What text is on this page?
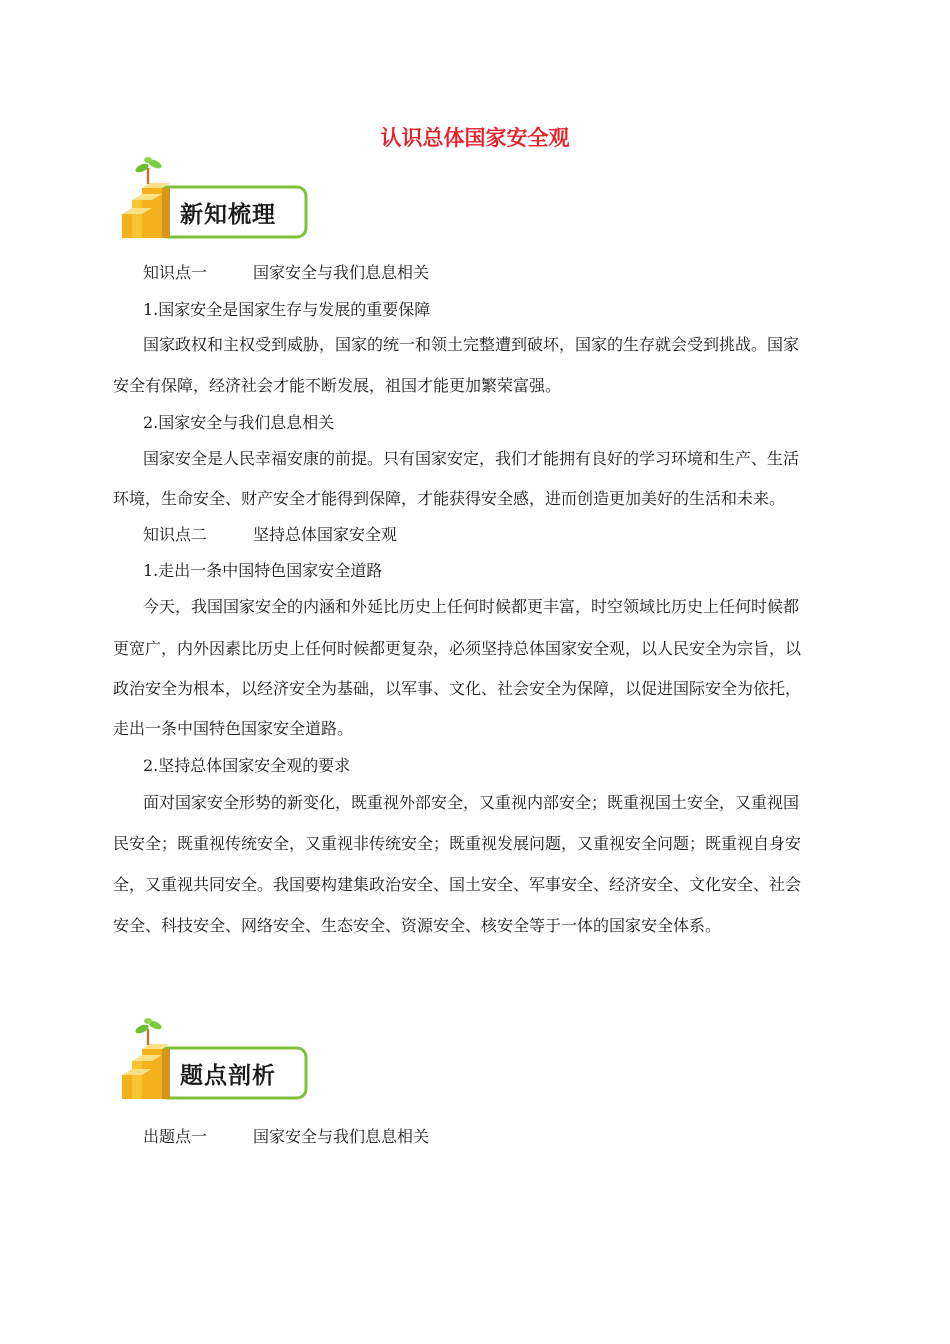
认识总体国家安全观
新知梳理
题点剖析
知识点一	国家安全与我们息息相关
1.国家安全是国家生存与发展的重要保障
国家政权和主权受到威胁，国家的统一和领土完整遭到破坏，国家的生存就会受到挑战。国家
安全有保障，经济社会才能不断发展，祖国才能更加繁荣富强。
2.国家安全与我们息息相关
国家安全是人民幸福安康的前提。只有国家安定，我们才能拥有良好的学习环境和生产、生活
环境，生命安全、财产安全才能得到保障，才能获得安全感，进而创造更加美好的生活和未来。
知识点二	坚持总体国家安全观
1.走出一条中国特色国家安全道路
今天，我国国家安全的内涵和外延比历史上任何时候都更丰富，时空领域比历史上任何时候都
更宽广，内外因素比历史上任何时候都更复杂，必须坚持总体国家安全观，以人民安全为宗旨，以
政治安全为根本，以经济安全为基础，以军事、文化、社会安全为保障，以促进国际安全为依托，
走出一条中国特色国家安全道路。
2.坚持总体国家安全观的要求
面对国家安全形势的新变化，既重视外部安全，又重视内部安全；既重视国土安全，又重视国
民安全；既重视传统安全，又重视非传统安全；既重视发展问题，又重视安全问题；既重视自身安
全，又重视共同安全。我国要构建集政治安全、国土安全、军事安全、经济安全、文化安全、社会
安全、科技安全、网络安全、生态安全、资源安全、核安全等于一体的国家安全体系。
出题点一	国家安全与我们息息相关
